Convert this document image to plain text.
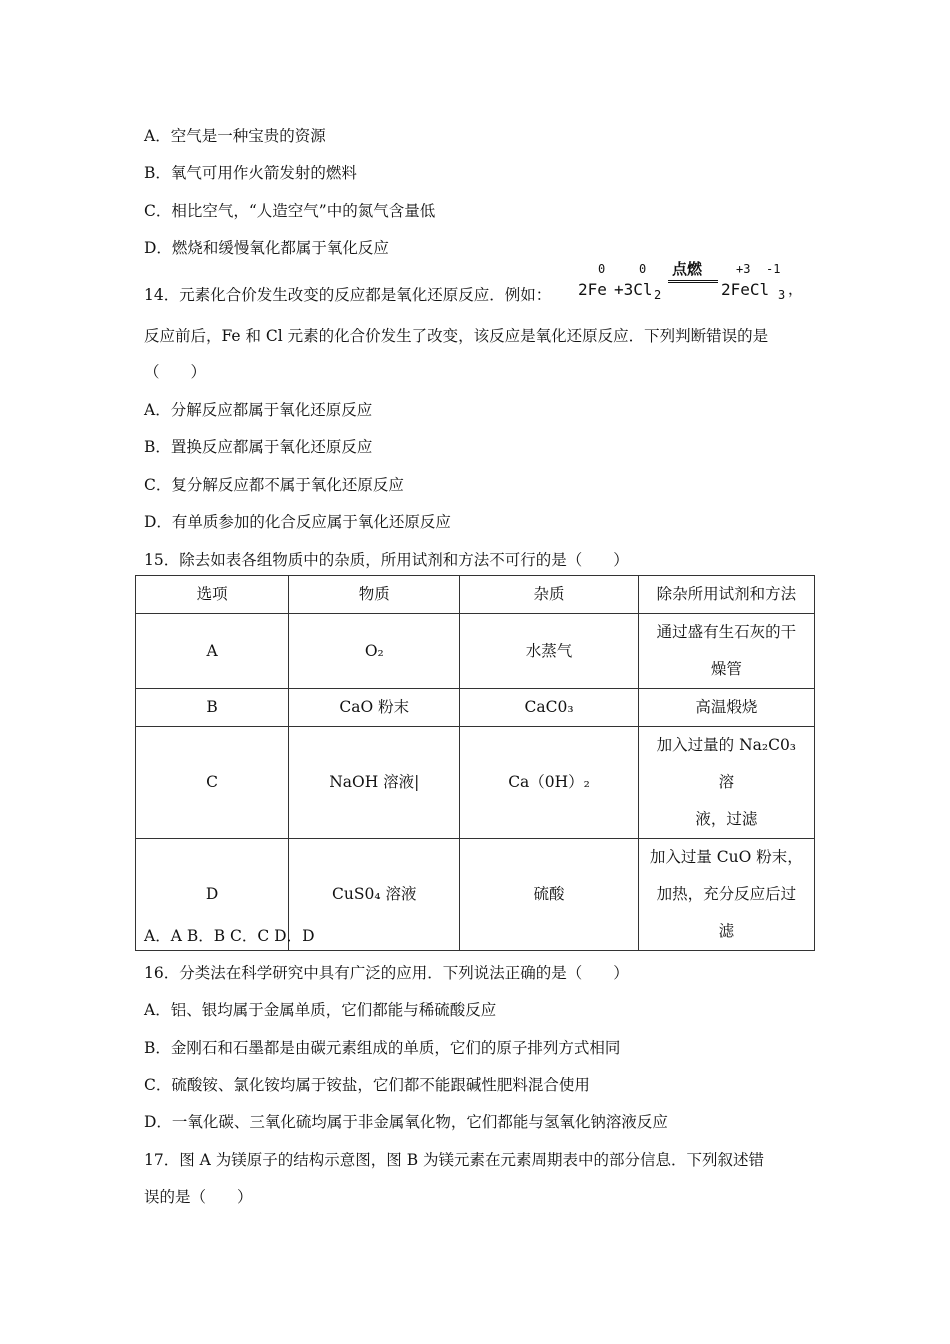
A．空气是一种宝贵的资源
B．氧气可用作火箭发射的燃料
C．相比空气，“人造空气”中的氮气含量低
D．燃烧和缓慢氧化都属于氧化反应
14．元素化合价发生改变的反应都是氧化还原反应．例如：
0	0 点燃	+3 -1
2Fe +3Cl 2	2FeCl 3 ，
反应前后，Fe 和 Cl 元素的化合价发生了改变，该反应是氧化还原反应．下列判断错误的是
（　　）
A．分解反应都属于氧化还原反应
B．置换反应都属于氧化还原反应
C．复分解反应都不属于氧化还原反应
D．有单质参加的化合反应属于氧化还原反应
15．除去如表各组物质中的杂质，所用试剂和方法不可行的是（　　）
选项	物质	杂质	除杂所用试剂和方法
A	O₂	水蒸气	通过盛有生石灰的干
燥管

B	CaO 粉末	CaC0₃	高温煅烧
C	NaOH 溶液|	Ca（0H）₂	加入过量的 Na₂C0₃ 溶
液，过滤

D	CuS0₄ 溶液	硫酸	加入过量 CuO 粉末，
加热，充分反应后过
滤
A．A B．B C．C D．D
16．分类法在科学研究中具有广泛的应用．下列说法正确的是（　　）
A．铝、银均属于金属单质，它们都能与稀硫酸反应
B．金刚石和石墨都是由碳元素组成的单质，它们的原子排列方式相同
C．硫酸铵、氯化铵均属于铵盐，它们都不能跟碱性肥料混合使用
D．一氧化碳、三氧化硫均属于非金属氧化物，它们都能与氢氧化钠溶液反应
17．图 A 为镁原子的结构示意图，图 B 为镁元素在元素周期表中的部分信息．下列叙述错
误的是（　　）
